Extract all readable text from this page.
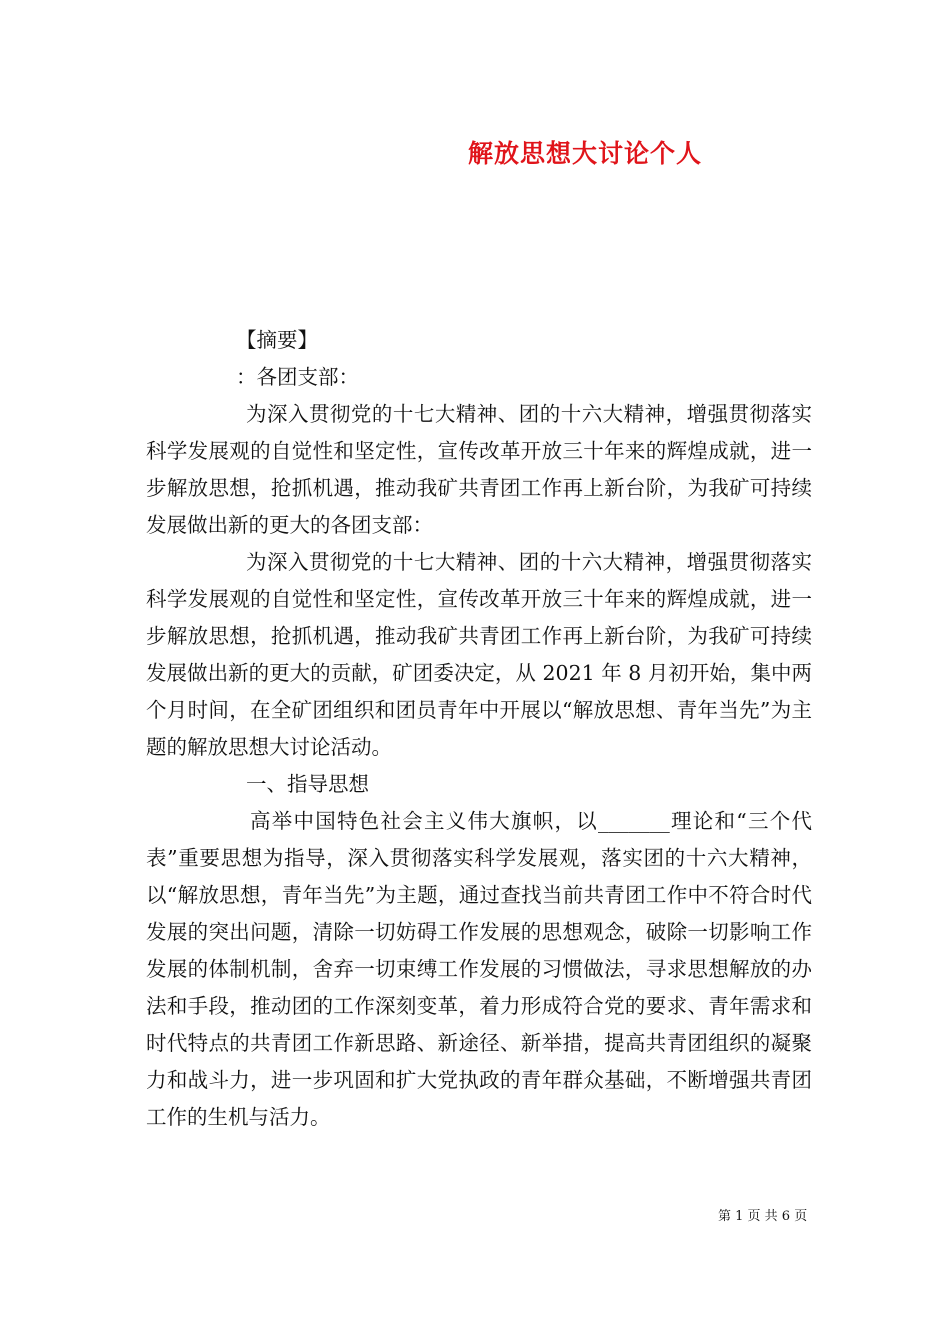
解放思想大讨论个人

【摘要】

：各团支部：

为深入贯彻党的十七大精神、团的十六大精神，增强贯彻落实科学发展观的自觉性和坚定性，宣传改革开放三十年来的辉煌成就，进一步解放思想，抢抓机遇，推动我矿共青团工作再上新台阶，为我矿可持续发展做出新的更大的各团支部：

为深入贯彻党的十七大精神、团的十六大精神，增强贯彻落实科学发展观的自觉性和坚定性，宣传改革开放三十年来的辉煌成就，进一步解放思想，抢抓机遇，推动我矿共青团工作再上新台阶，为我矿可持续发展做出新的更大的贡献，矿团委决定，从 2021 年 8 月初开始，集中两个月时间，在全矿团组织和团员青年中开展以“解放思想、青年当先”为主题的解放思想大讨论活动。

一、指导思想

高举中国特色社会主义伟大旗帜，以_______理论和“三个代表”重要思想为指导，深入贯彻落实科学发展观，落实团的十六大精神，以“解放思想，青年当先”为主题，通过查找当前共青团工作中不符合时代发展的突出问题，清除一切妨碍工作发展的思想观念，破除一切影响工作发展的体制机制，舍弃一切束缚工作发展的习惯做法，寻求思想解放的办法和手段，推动团的工作深刻变革，着力形成符合党的要求、青年需求和时代特点的共青团工作新思路、新途径、新举措，提高共青团组织的凝聚力和战斗力，进一步巩固和扩大党执政的青年群众基础，不断增强共青团工作的生机与活力。

第 1 页 共 6 页
